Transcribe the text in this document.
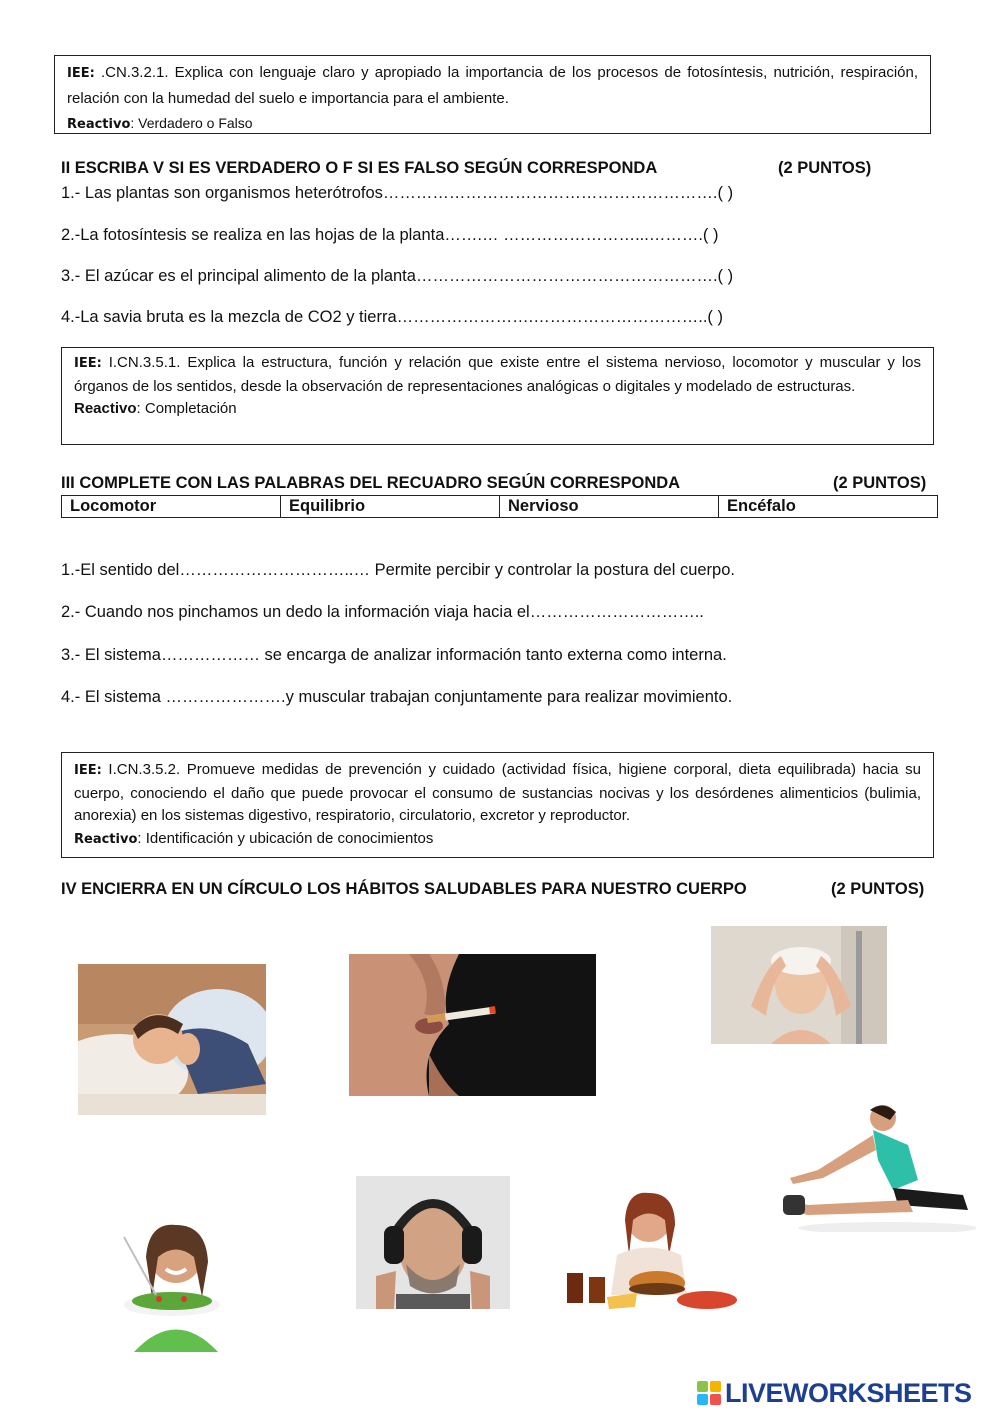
IEE: .CN.3.2.1. Explica con lenguaje claro y apropiado la importancia de los procesos de fotosíntesis, nutrición, respiración, relación con la humedad del suelo e importancia para el ambiente.
Reactivo: Verdadero o Falso
II ESCRIBA V SI ES VERDADERO O F SI ES FALSO SEGÚN CORRESPONDA	(2 PUNTOS)
1.- Las plantas son organismos heterótrofos…………………………………………………….( )
2.-La fotosíntesis se realiza en las hojas de la planta…….… ……………………...……….( )
3.- El azúcar es el principal alimento de la planta……………………………………………….( )
4.-La savia bruta es la mezcla de CO2 y tierra…………………….…………………………..( )
IEE: I.CN.3.5.1. Explica la estructura, función y relación que existe entre el sistema nervioso, locomotor y muscular y los órganos de los sentidos, desde la observación de representaciones analógicas o digitales y modelado de estructuras.
Reactivo: Completación
III COMPLETE CON LAS PALABRAS DEL RECUADRO SEGÚN CORRESPONDA	(2 PUNTOS)
Locomotor	Equilibrio	Nervioso	Encéfalo
1.-El sentido del…………………………..… Permite percibir y controlar la postura del cuerpo.
2.- Cuando nos pinchamos un dedo la información viaja hacia el…………………………..
3.- El sistema……………… se encarga de analizar información tanto externa como interna.
4.- El sistema ………………….y muscular trabajan conjuntamente para realizar movimiento.
IEE: I.CN.3.5.2. Promueve medidas de prevención y cuidado (actividad física, higiene corporal, dieta equilibrada) hacia su cuerpo, conociendo el daño que puede provocar el consumo de sustancias nocivas y los desórdenes alimenticios (bulimia, anorexia) en los sistemas digestivo, respiratorio, circulatorio, excretor y reproductor.
Reactivo: Identificación y ubicación de conocimientos
IV ENCIERRA EN UN CÍRCULO LOS HÁBITOS SALUDABLES PARA NUESTRO CUERPO	(2 PUNTOS)
LIVEWORKSHEETS
